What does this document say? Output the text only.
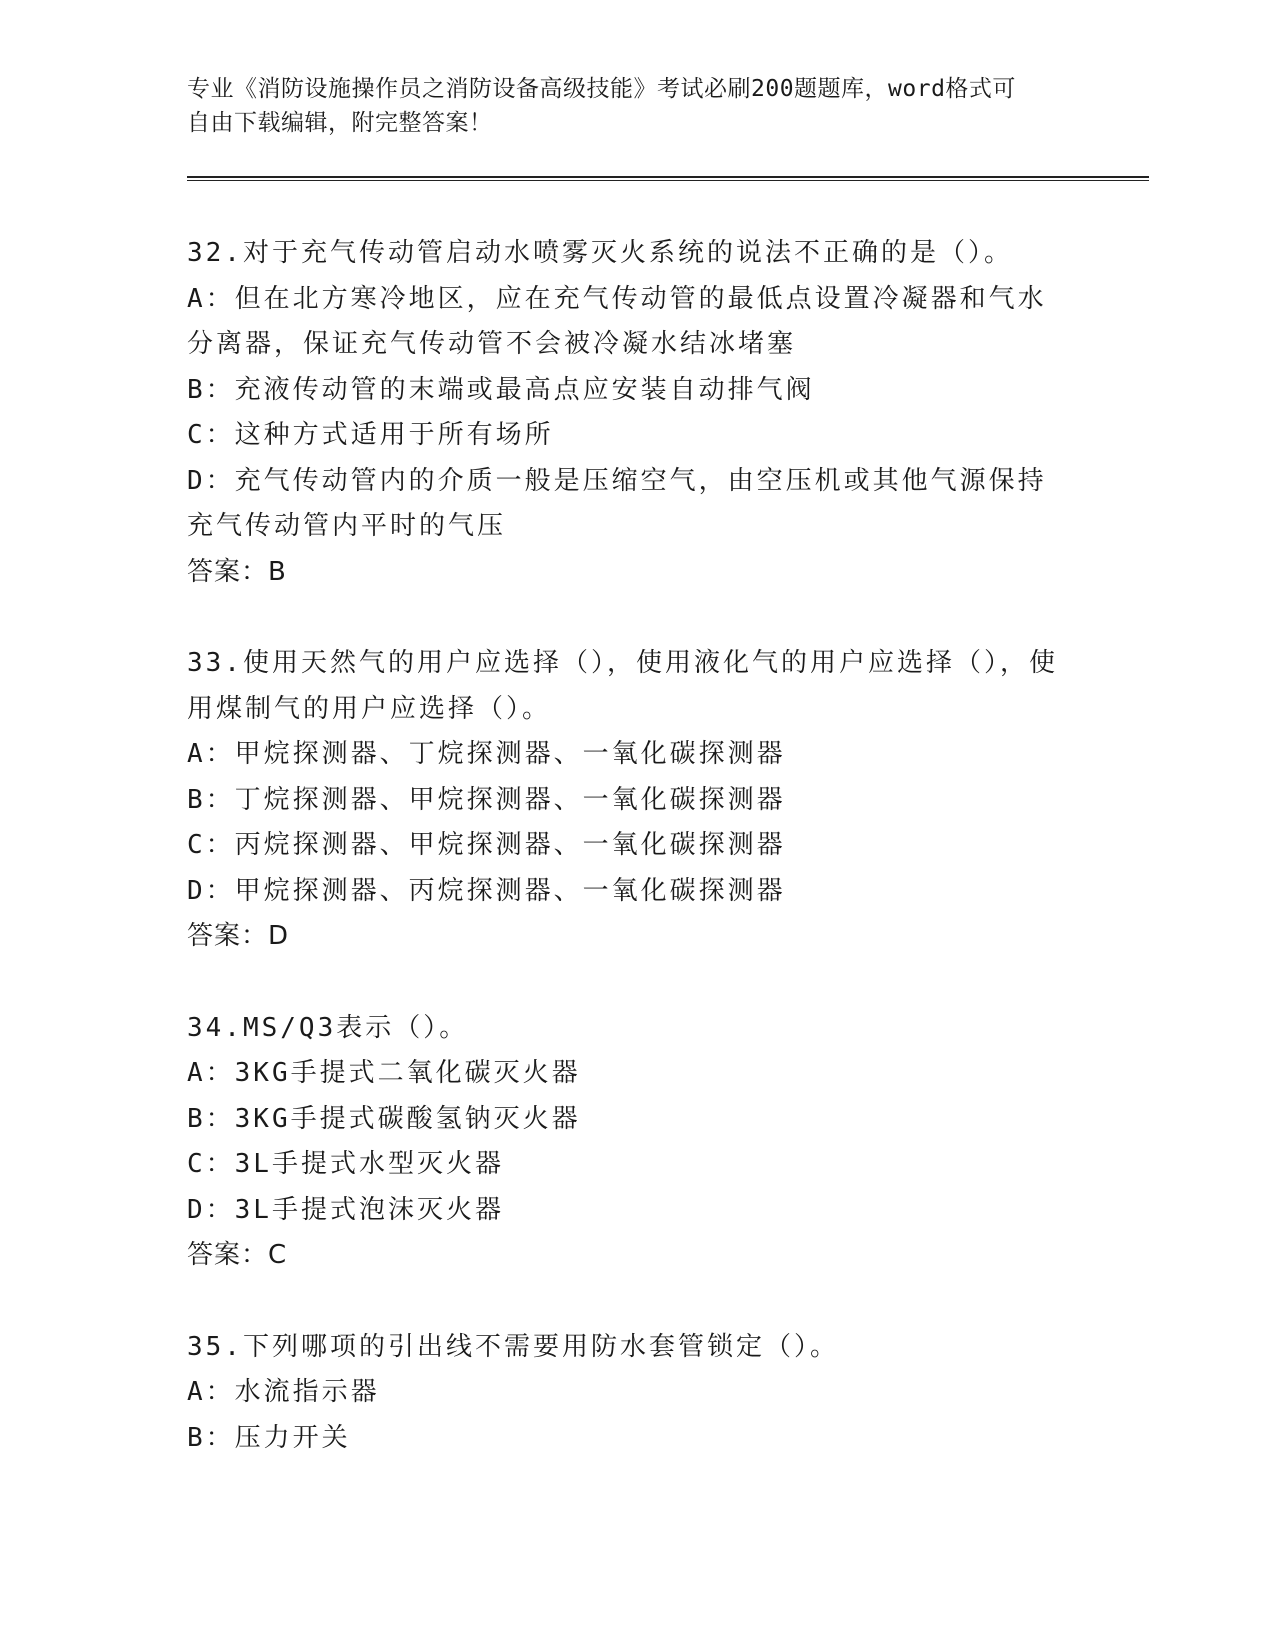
专业《消防设施操作员之消防设备高级技能》考试必刷200题题库，word格式可
自由下载编辑，附完整答案！
32.对于充气传动管启动水喷雾灭火系统的说法不正确的是（）。
A：但在北方寒冷地区，应在充气传动管的最低点设置冷凝器和气水分离器，保证充气传动管不会被冷凝水结冰堵塞
B：充液传动管的末端或最高点应安装自动排气阀
C：这种方式适用于所有场所
D：充气传动管内的介质一般是压缩空气，由空压机或其他气源保持充气传动管内平时的气压
答案：B
33.使用天然气的用户应选择（），使用液化气的用户应选择（），使用煤制气的用户应选择（）。
A：甲烷探测器、丁烷探测器、一氧化碳探测器
B：丁烷探测器、甲烷探测器、一氧化碳探测器
C：丙烷探测器、甲烷探测器、一氧化碳探测器
D：甲烷探测器、丙烷探测器、一氧化碳探测器
答案：D
34.MS/Q3表示（）。
A：3KG手提式二氧化碳灭火器
B：3KG手提式碳酸氢钠灭火器
C：3L手提式水型灭火器
D：3L手提式泡沫灭火器
答案：C
35.下列哪项的引出线不需要用防水套管锁定（）。
A：水流指示器
B：压力开关
